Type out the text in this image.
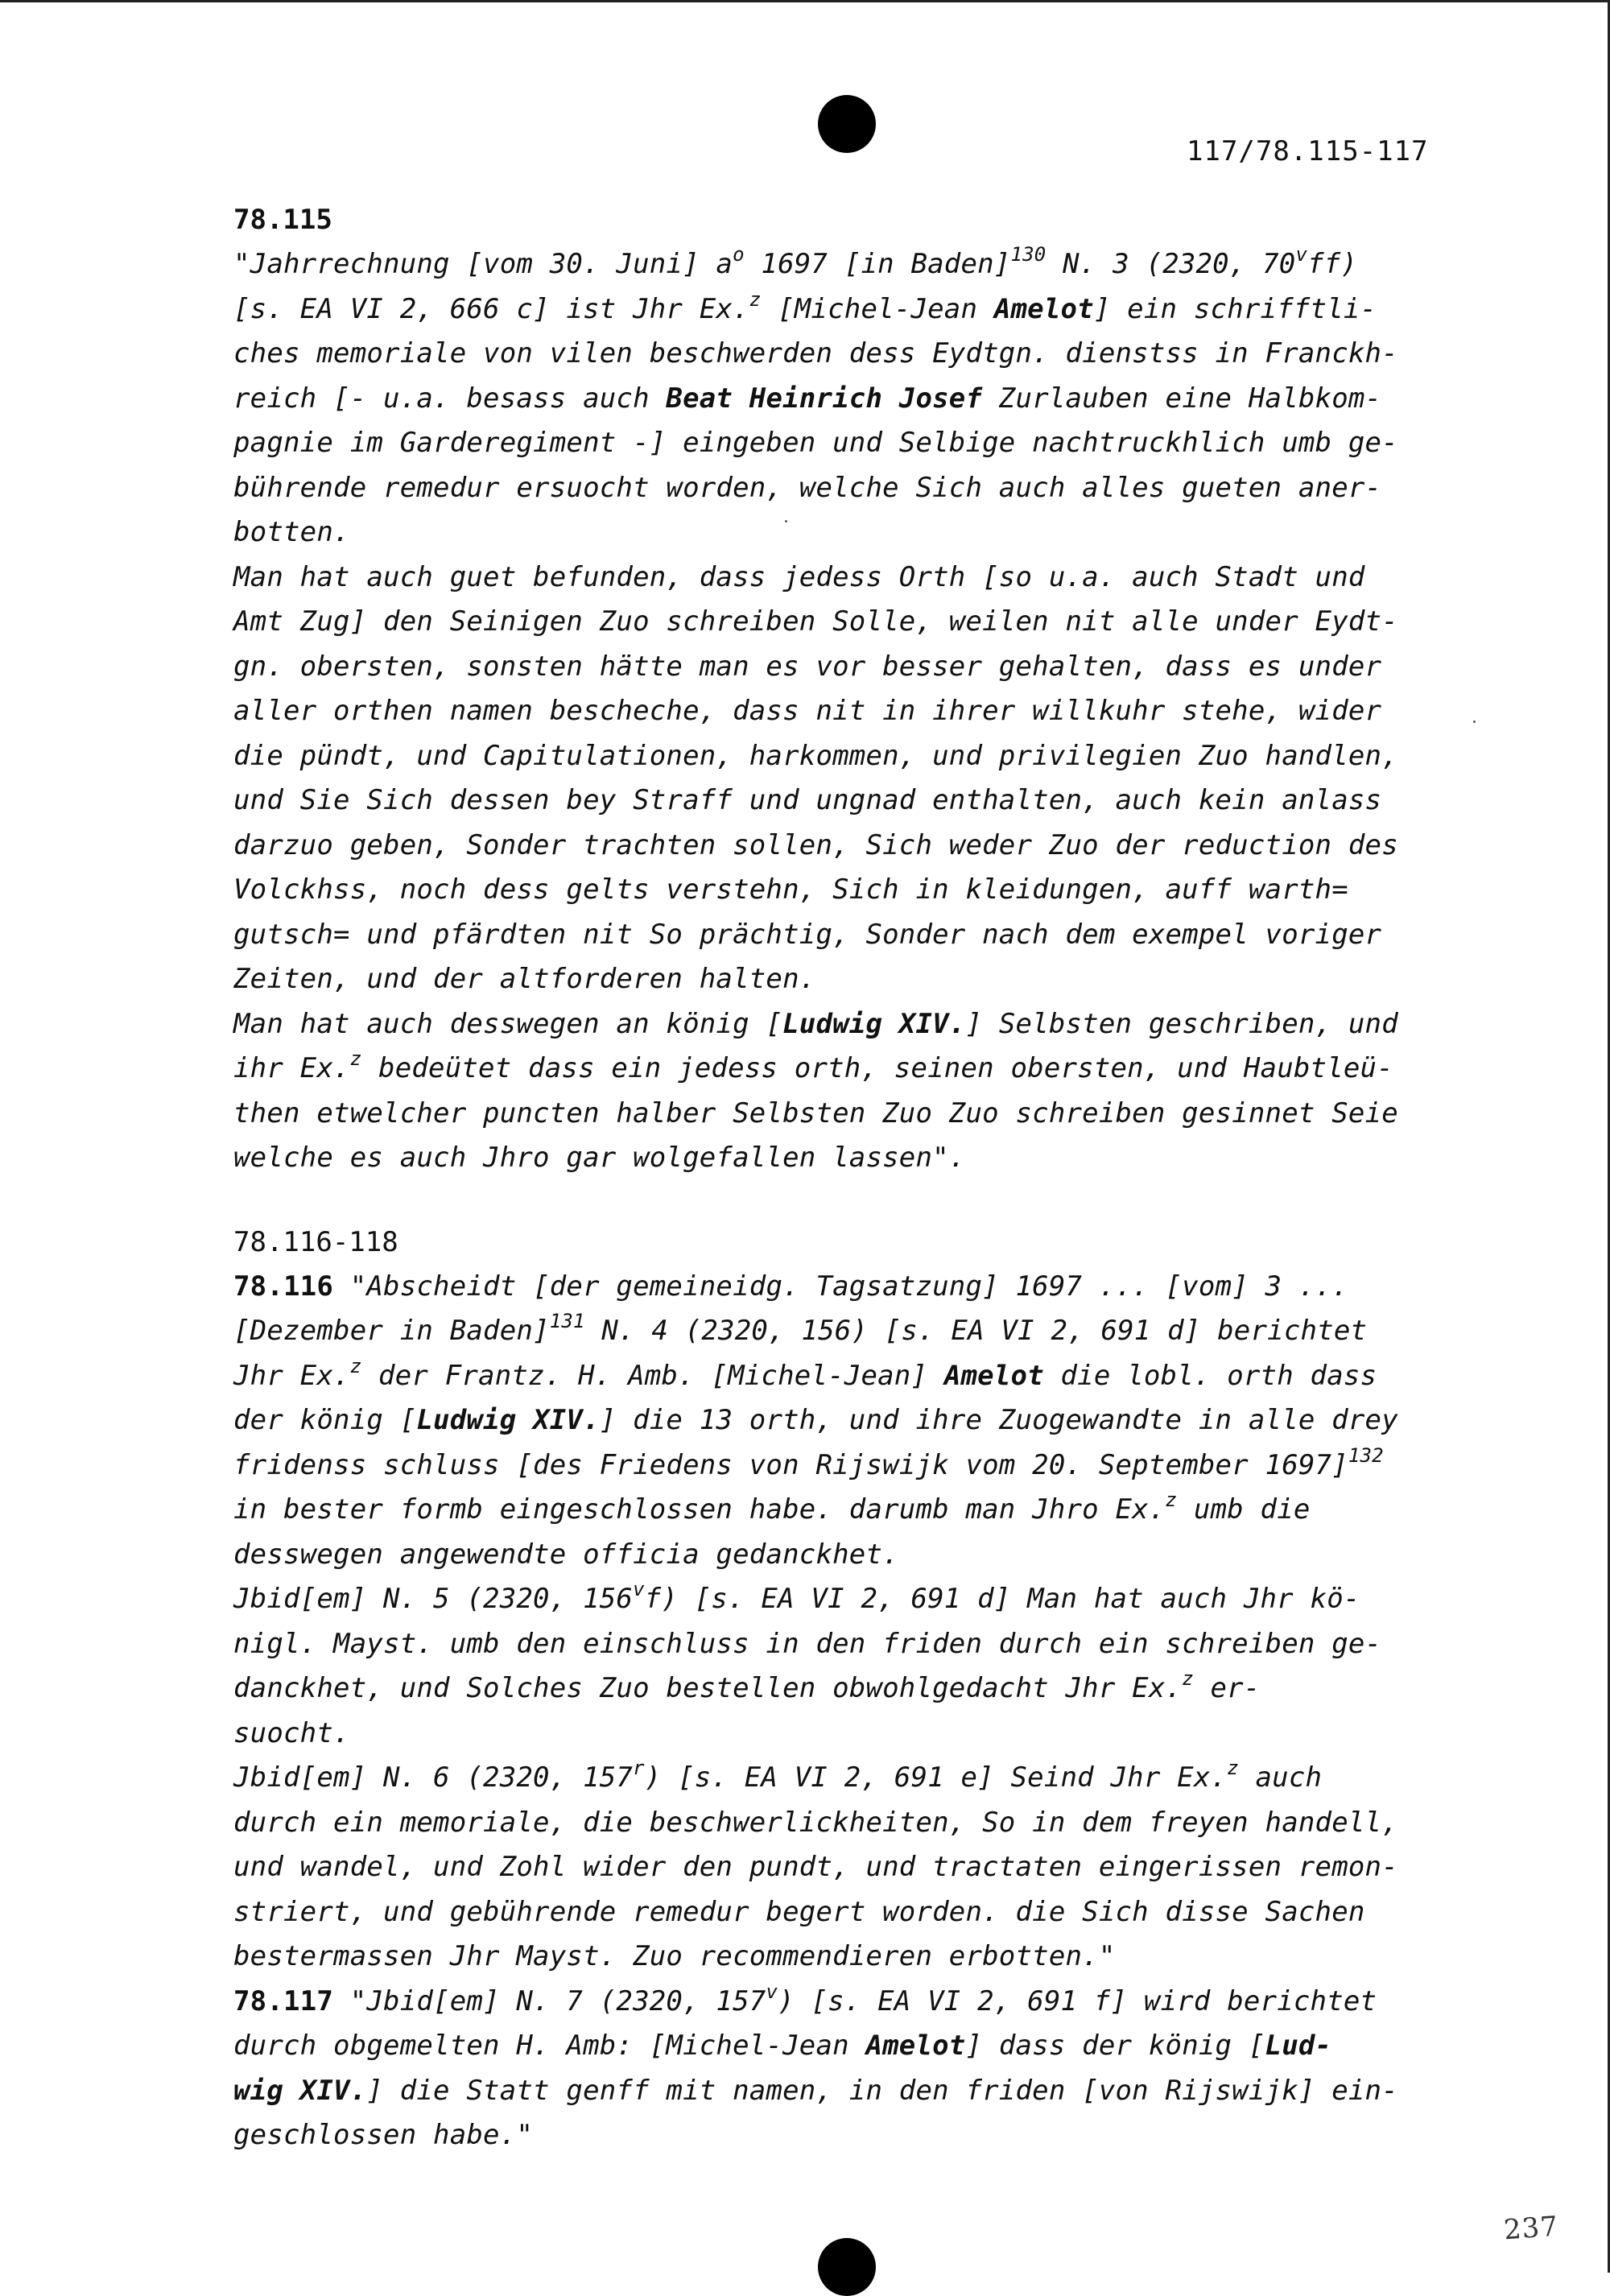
117/78.115-117

78.115

"Jahrrechnung [vom 30. Juni] $a^o$ 1697 [in Baden]$^{130}$ N. 3 (2320, 70$^v$ff)
[s. EA VI 2, 666 c] ist Jhr Ex.$^z$ [Michel-Jean Amelot] ein schrifftli-
ches memoriale von vilen beschwerden dess Eydtgn. dienstss in Franckh-
reich [- u.a. besass auch Beat Heinrich Josef Zurlauben eine Halbkom-
pagnie im Garderegiment -] eingeben und Selbige nachtruckhlich umb ge-
bührende remedur ersuocht worden, welche Sich auch alles gueten aner-
botten.

Man hat auch guet befunden, dass jedess Orth [so u.a. auch Stadt und
Amt Zug] den Seinigen Zuo schreiben Solle, weilen nit alle under Eydt-
gn. obersten, sonsten hätte man es vor besser gehalten, dass es under
aller orthen namen bescheche, dass nit in ihrer willkuhr stehe, wider
die pündt, und Capitulationen, harkommen, und privilegien Zuo handlen,
und Sie Sich dessen bey Straff und ungnad enthalten, auch kein anlass
darzuo geben, Sonder trachten sollen, Sich weder Zuo der reduction des
Volckhss, noch dess gelts verstehn, Sich in kleidungen, auff warth=
gutsch= und pfärdten nit So prächtig, Sonder nach dem exempel voriger
Zeiten, und der altforderen halten.

Man hat auch desswegen an könig [Ludwig XIV.] Selbsten geschriben, und
ihr Ex.$^z$ bedeütet dass ein jedess orth, seinen obersten, und Haubtleü-
then etwelcher puncten halber Selbsten Zuo Zuo schreiben gesinnet Seie
welche es auch Jhro gar wolgefallen lassen".

78.116-118

78.116 "Abscheidt [der gemeineidg. Tagsatzung] 1697 ... [vom] 3 ...
[Dezember in Baden]$^{131}$ N. 4 (2320, 156) [s. EA VI 2, 691 d] berichtet
Jhr Ex.$^z$ der Frantz. H. Amb. [Michel-Jean] Amelot die lobl. orth dass
der könig [Ludwig XIV.] die 13 orth, und ihre Zuogewandte in alle drey
fridenss schluss [des Friedens von Rijswijk vom 20. September 1697]$^{132}$
in bester formb eingeschlossen habe. darumb man Jhro Ex.$^z$ umb die
desswegen angewendte officia gedanckhet.

Jbid[em] N. 5 (2320, 156$^v$f) [s. EA VI 2, 691 d] Man hat auch Jhr kö-
nigl. Mayst. umb den einschluss in den friden durch ein schreiben ge-
danckhet, und Solches Zuo bestellen obwohlgedacht Jhr Ex.$^z$ er-
suocht.

Jbid[em] N. 6 (2320, 157$^r$) [s. EA VI 2, 691 e] Seind Jhr Ex.$^z$ auch
durch ein memoriale, die beschwerlickheiten, So in dem freyen handell,
und wandel, und Zohl wider den pundt, und tractaten eingerissen remon-
striert, und gebührende remedur begert worden. die Sich disse Sachen
bestermassen Jhr Mayst. Zuo recommendieren erbotten."

78.117 "Jbid[em] N. 7 (2320, 157$^v$) [s. EA VI 2, 691 f] wird berichtet
durch obgemelten H. Amb: [Michel-Jean Amelot] dass der könig [Lud-
wig XIV.] die Statt genff mit namen, in den friden [von Rijswijk] ein-
geschlossen habe."

237
